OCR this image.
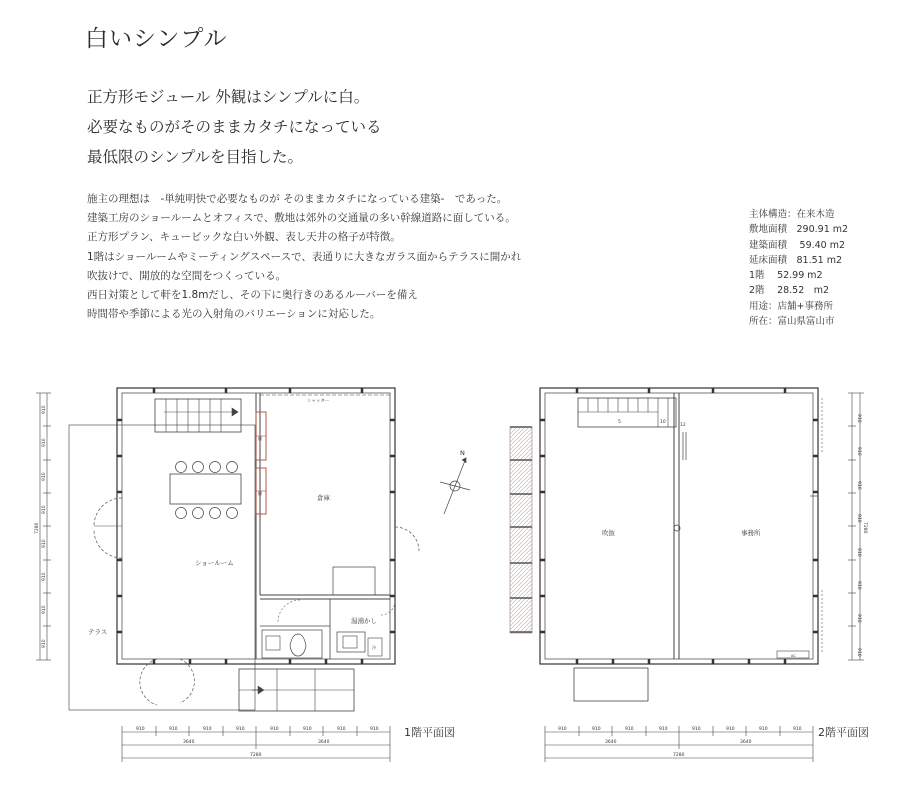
白いシンプル
正方形モジュール 外観はシンプルに白。
必要なものがそのままカタチになっている
最低限のシンプルを目指した。
施主の理想は　-単純明快で必要なものが そのままカタチになっている建築-　であった。
建築工房のショールームとオフィスで、敷地は郊外の交通量の多い幹線道路に面している。
正方形プラン、キュービックな白い外観、表し天井の格子が特徴。
1階はショールームやミーティングスペースで、表通りに大きなガラス面からテラスに開かれ
吹抜けで、開放的な空間をつくっている。
西日対策として軒を1.8mだし、その下に奥行きのあるルーバーを備え
時間帯や季節による光の入射角のバリエーションに対応した。
主体構造：在来木造
敷地面積　290.91 m2
建築面積　 59.40 m2
延床面積　81.51 m2
1階　 52.99 m2
2階　 28.52　m2
用途：店舗+事務所
所在：富山県富山市
910	910	910	910	910	910	910	910
3640	3640
7280
910
910
910
910
910
910
910
910
7280
シャッター
倉庫
ショールーム
湯沸かし
テラス
冷
棚
棚
1階平面図
N
910	910	910	910	910	910	910	910
3640	3640
7280
910
910
910
910
910
910
910
910
7280
吹抜	事務所
5	10
12
AC
2階平面図
